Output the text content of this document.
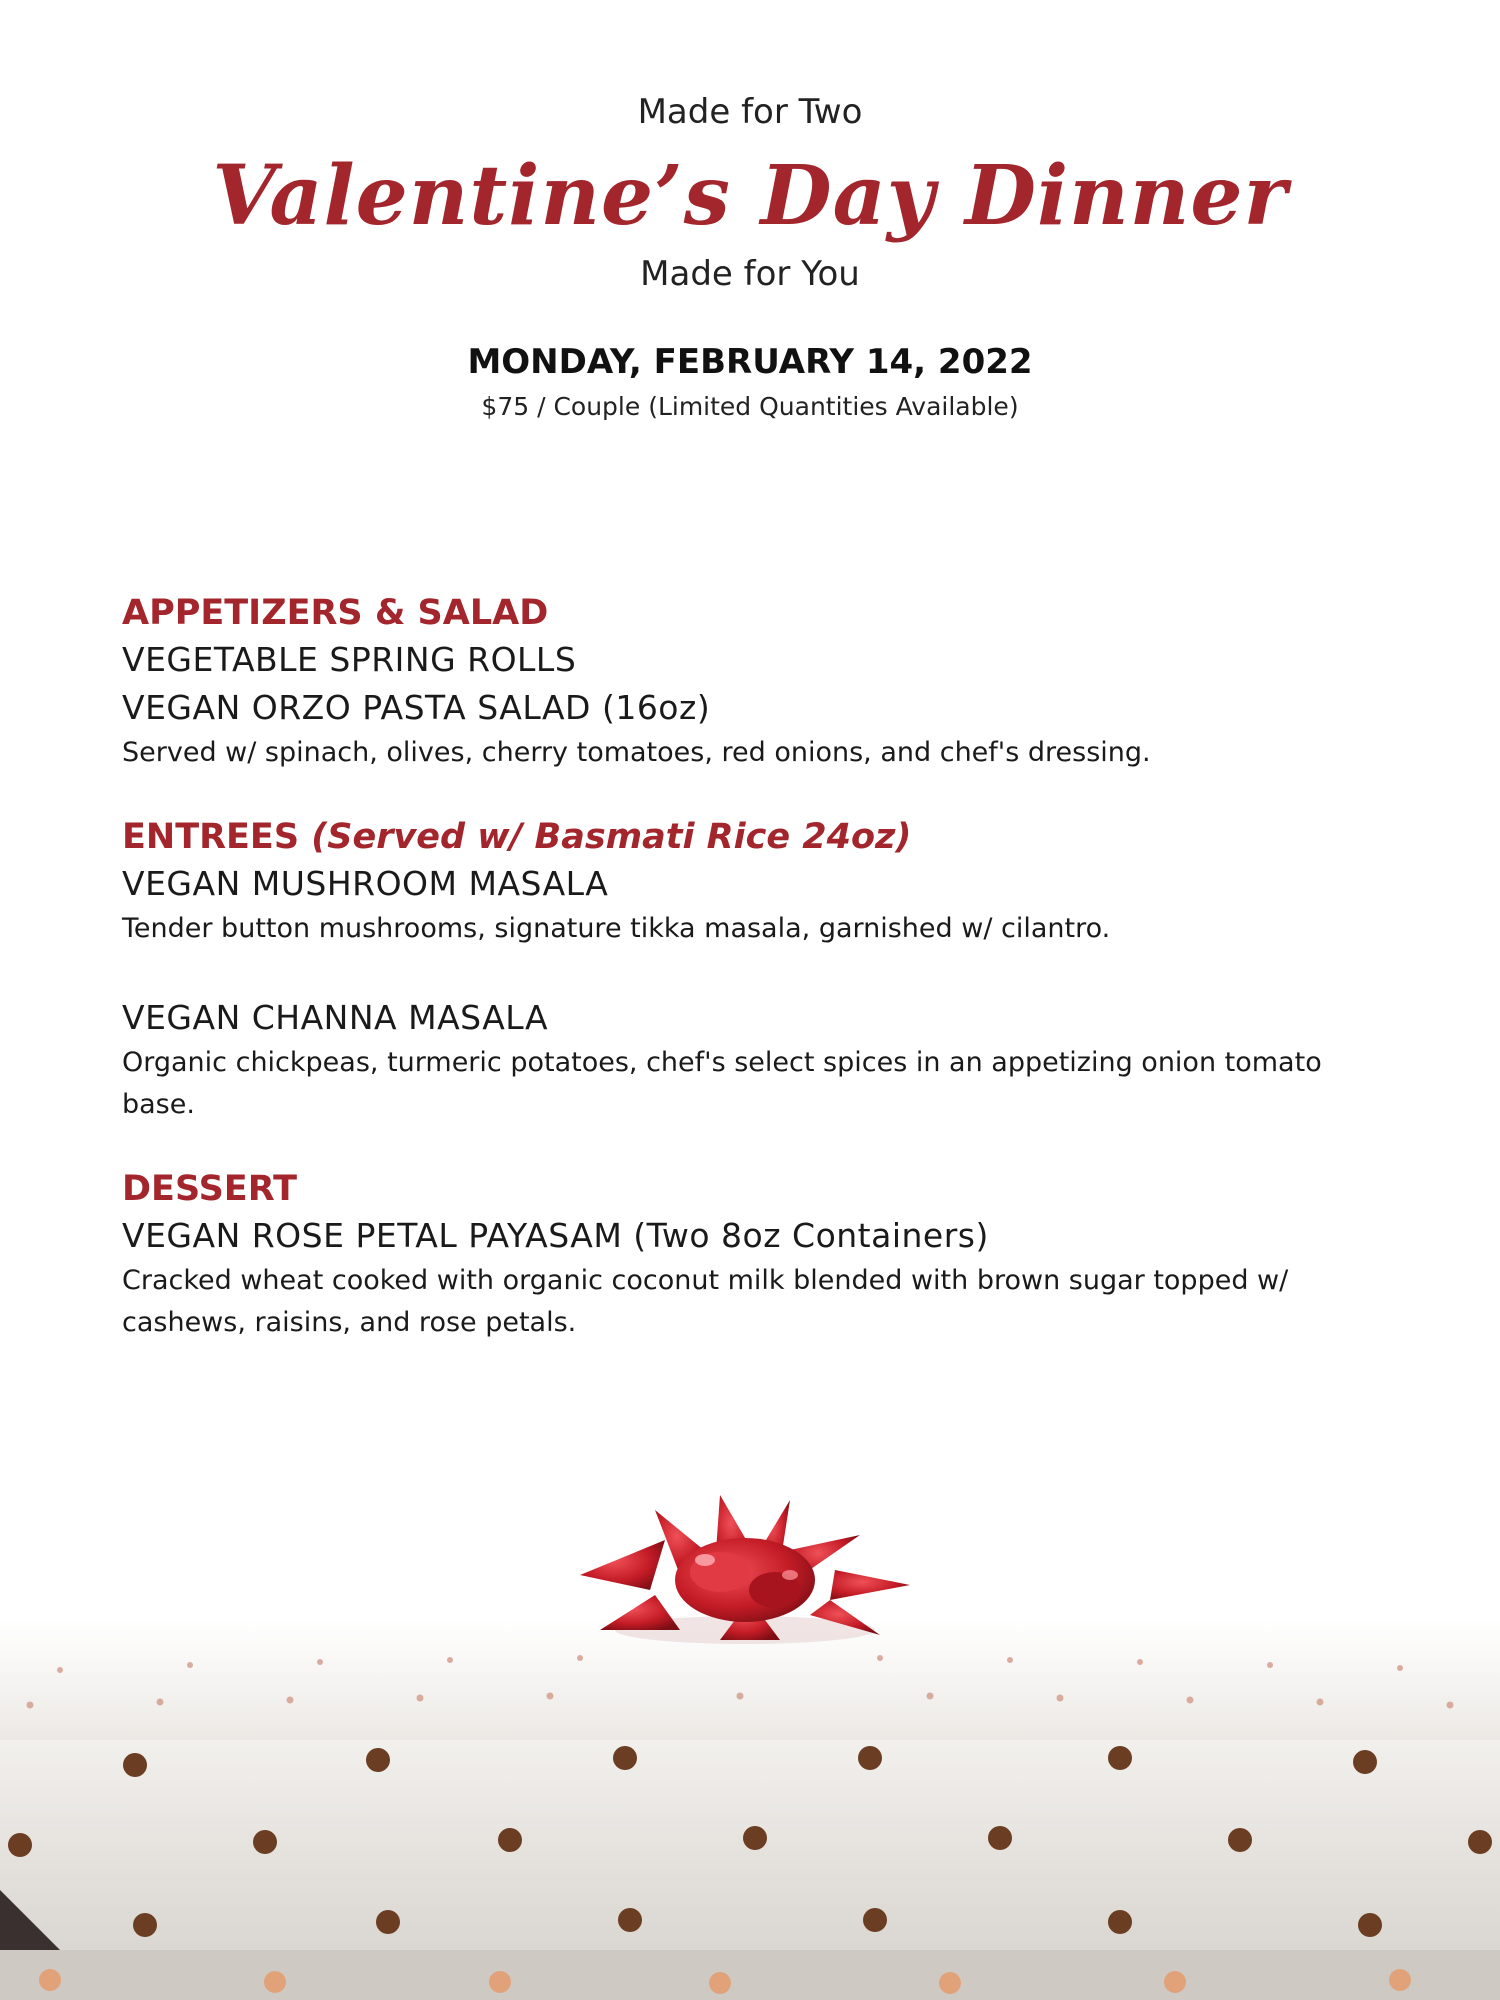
Made for Two
Valentine’s Day Dinner
Made for You
MONDAY, FEBRUARY 14, 2022
$75 / Couple (Limited Quantities Available)
APPETIZERS & SALAD
VEGETABLE SPRING ROLLS
VEGAN ORZO PASTA SALAD (16oz)
Served w/ spinach, olives, cherry tomatoes, red onions, and chef's dressing.
ENTREES (Served w/ Basmati Rice 24oz)
VEGAN MUSHROOM MASALA
Tender button mushrooms, signature tikka masala, garnished w/ cilantro.
VEGAN CHANNA MASALA
Organic chickpeas, turmeric potatoes, chef's select spices in an appetizing onion tomato base.
DESSERT
VEGAN ROSE PETAL PAYASAM (Two 8oz Containers)
Cracked wheat cooked with organic coconut milk blended with brown sugar topped w/ cashews, raisins, and rose petals.
